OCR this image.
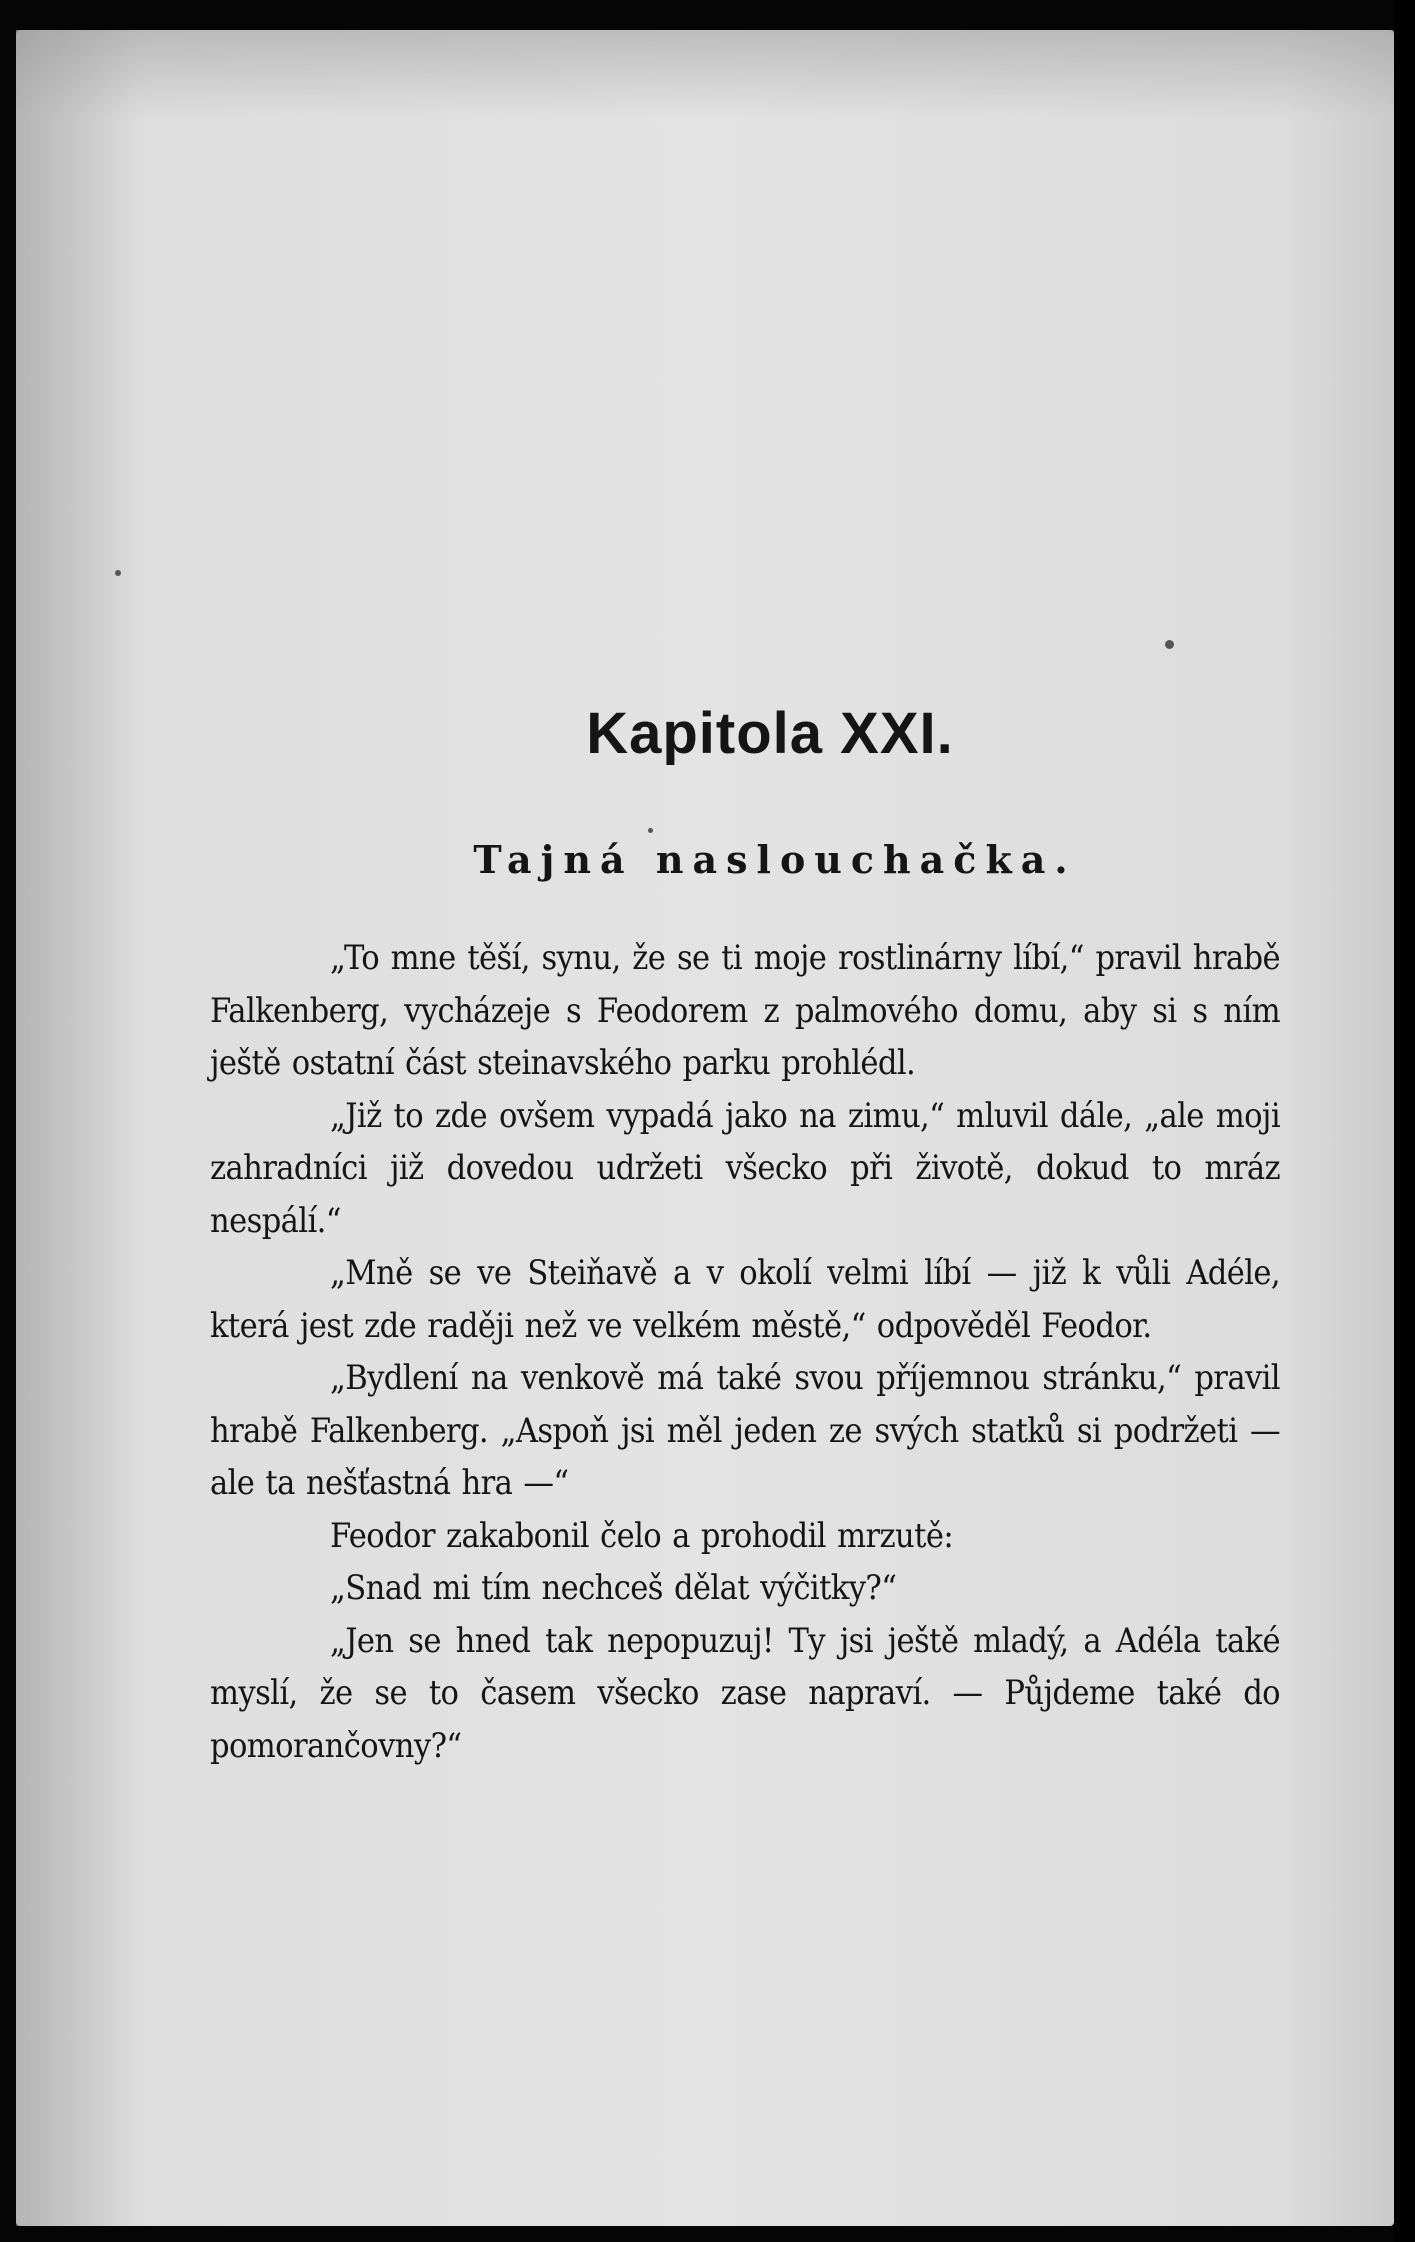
Kapitola XXI.
Tajná naslouchačka.

„To mne těší, synu, že se ti moje rostlinárny líbí,“ pravil hrabě Falkenberg, vycházeje s Feodorem z palmového domu, aby si s ním ještě ostatní část steinavského parku prohlédl.

„Již to zde ovšem vypadá jako na zimu,“ mluvil dále, „ale moji zahradníci již dovedou udržeti všecko při životě, dokud to mráz nespálí.“

„Mně se ve Steiňavě a v okolí velmi líbí — již k vůli Adéle, která jest zde raději než ve velkém městě,“ odpověděl Feodor.

„Bydlení na venkově má také svou příjemnou stránku,“ pravil hrabě Falkenberg. „Aspoň jsi měl jeden ze svých statků si podržeti — ale ta nešťastná hra —“

Feodor zakabonil čelo a prohodil mrzutě:

„Snad mi tím nechceš dělat výčitky?“

„Jen se hned tak nepopuzuj! Ty jsi ještě mladý, a Adéla také myslí, že se to časem všecko zase napraví. — Půjdeme také do pomorančovny?“
